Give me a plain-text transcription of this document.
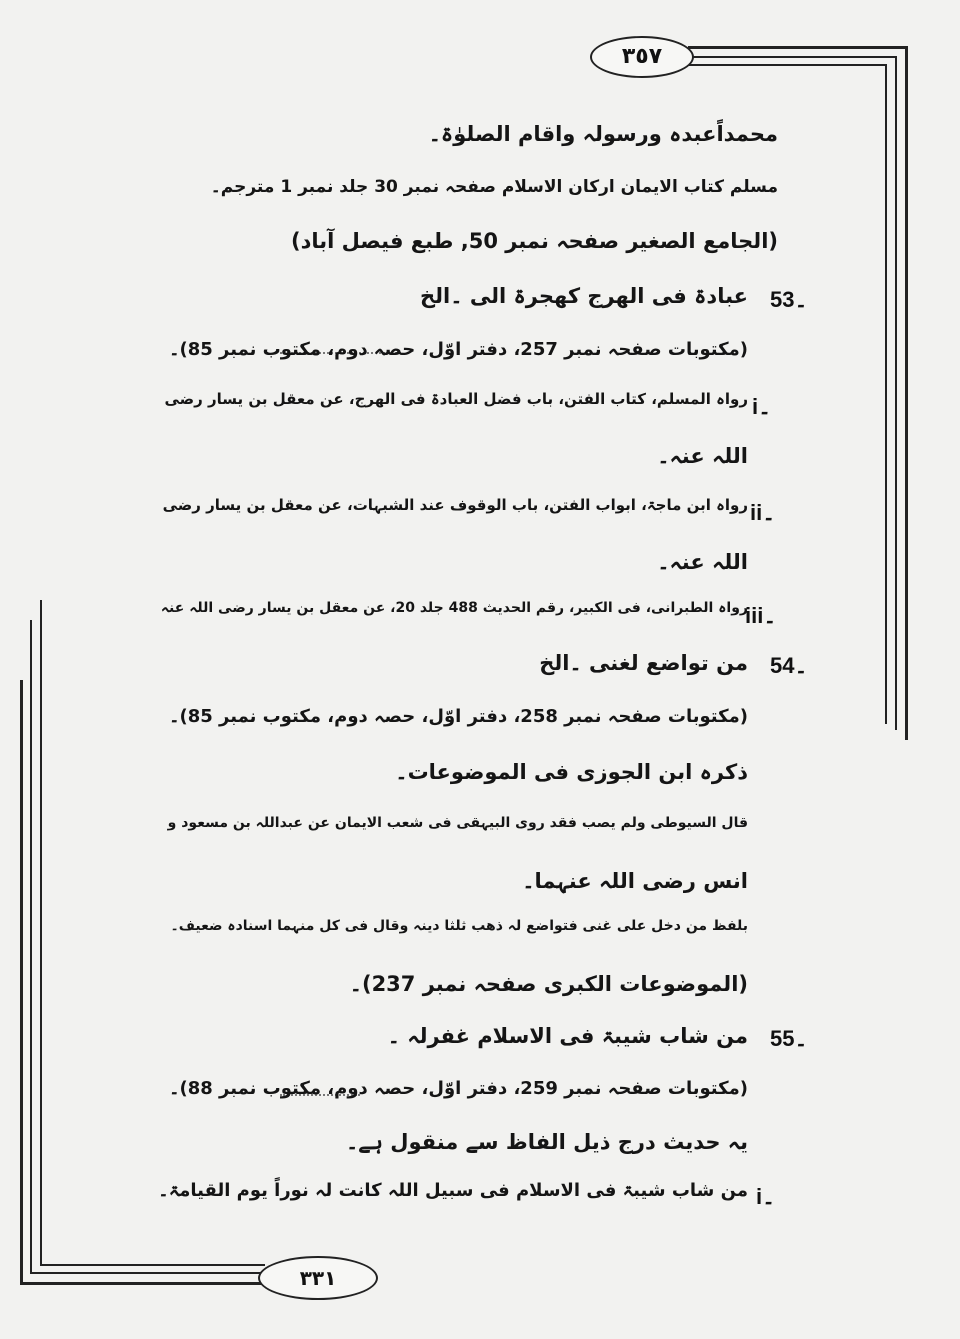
٣٥٧
٣٣١
محمداًعبدہ ورسولہ واقام الصلوٰۃ۔
مسلم کتاب الایمان ارکان الاسلام صفحہ نمبر 30 جلد نمبر 1 مترجم۔
(الجامع الصغیر صفحہ نمبر 50, طبع فیصل آباد)
53۔
عبادۃ فی الھرج کھجرۃ الی ۔الخ
(مکتوبات صفحہ نمبر 257، دفتر اوّل، حصہ دوم، مکتوب نمبر 85)۔
i۔
رواہ المسلم، کتاب الفتن، باب فضل العبادۃ فی الھرج، عن معقل بن یسار رضی
اللہ عنہ۔
ii۔
رواہ ابن ماجۃ، ابواب الفتن، باب الوقوف عند الشبہات، عن معقل بن یسار رضی
اللہ عنہ۔
iii۔
رواہ الطبرانی، فی الکبیر، رقم الحدیث 488 جلد 20، عن معقل بن یسار رضی اللہ عنہ
54۔
من تواضع لغنی ۔الخ
(مکتوبات صفحہ نمبر 258، دفتر اوّل، حصہ دوم، مکتوب نمبر 85)۔
ذکرہ ابن الجوزی فی الموضوعات۔
قال السیوطی ولم یصب فقد روی البیہقی فی شعب الایمان عن عبداللہ بن مسعود و
انس رضی اللہ عنہما۔
بلفظ من دخل علی غنی فتواضع لہ ذھب ثلثا دینہ وقال فی کل منہما اسنادہ ضعیف۔
(الموضوعات الکبری صفحہ نمبر 237)۔
55۔
من شاب شیبۃ فی الاسلام غفرلہ ۔
(مکتوبات صفحہ نمبر 259، دفتر اوّل، حصہ دوم، مکتوب نمبر 88)۔
یہ حدیث درج ذیل الفاظ سے منقول ہے۔
i۔
من شاب شیبۃ فی الاسلام فی سبیل اللہ کانت لہ نوراً یوم القیامۃ۔
